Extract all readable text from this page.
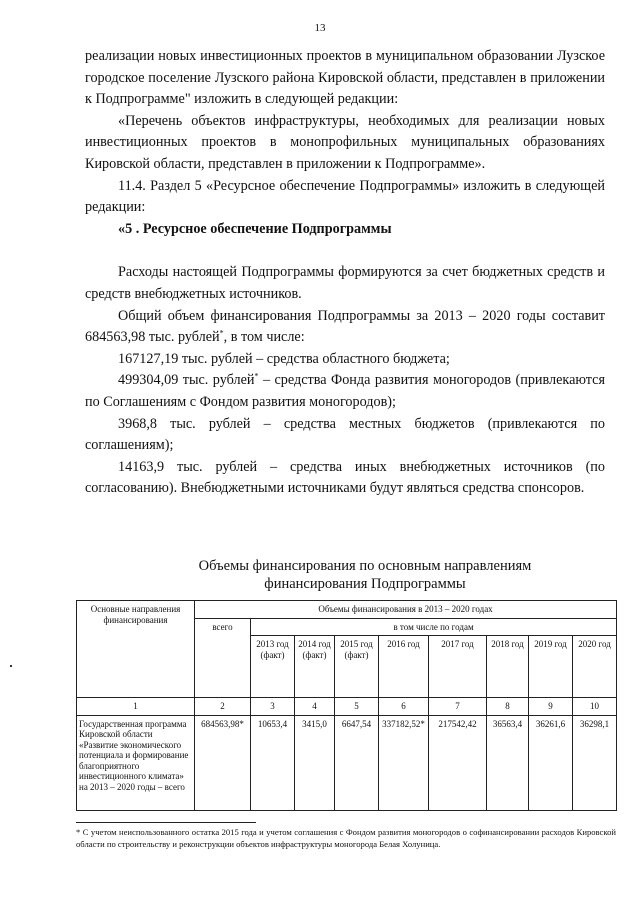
13

реализации новых инвестиционных проектов в муниципальном образовании Лузское городское поселение Лузского района Кировской области, представлен в приложении к Подпрограмме" изложить в следующей редакции:

«Перечень объектов инфраструктуры, необходимых для реализации новых инвестиционных проектов в монопрофильных муниципальных образованиях Кировской области, представлен в приложении к Подпрограмме».

11.4. Раздел 5 «Ресурсное обеспечение Подпрограммы» изложить в следующей редакции:

«5 . Ресурсное обеспечение Подпрограммы

Расходы настоящей Подпрограммы формируются за счет бюджетных средств и средств внебюджетных источников.

Общий объем финансирования Подпрограммы за 2013 – 2020 годы составит 684563,98 тыс. рублей*, в том числе:

167127,19 тыс. рублей – средства областного бюджета;

499304,09 тыс. рублей* – средства Фонда развития моногородов (привлекаются по Соглашениям с Фондом развития моногородов);

3968,8 тыс. рублей – средства местных бюджетов (привлекаются по соглашениям);

14163,9 тыс. рублей – средства иных внебюджетных источников (по согласованию). Внебюджетными источниками будут являться средства спонсоров.

Объемы финансирования по основным направлениям
финансирования Подпрограммы
Основные направления финансирования	Объемы финансирования в 2013 – 2020 годах								
	всего	в том числе по годам							
		2013 год (факт)	2014 год (факт)	2015 год (факт)	2016 год	2017 год	2018 год	2019 год	2020 год
1	2	3	4	5	6	7	8	9	10
Государственная программа Кировской области «Развитие экономического потенциала и формирование благоприятного инвестиционного климата» на 2013 – 2020 годы – всего	684563,98*	10653,4	3415,0	6647,54	337182,52*	217542,42	36563,4	36261,6	36298,1
* С учетом неиспользованного остатка 2015 года и учетом соглашения с Фондом развития моногородов о софинансировании расходов Кировской области по строительству и реконструкции объектов инфраструктуры моногорода Белая Холуница.
